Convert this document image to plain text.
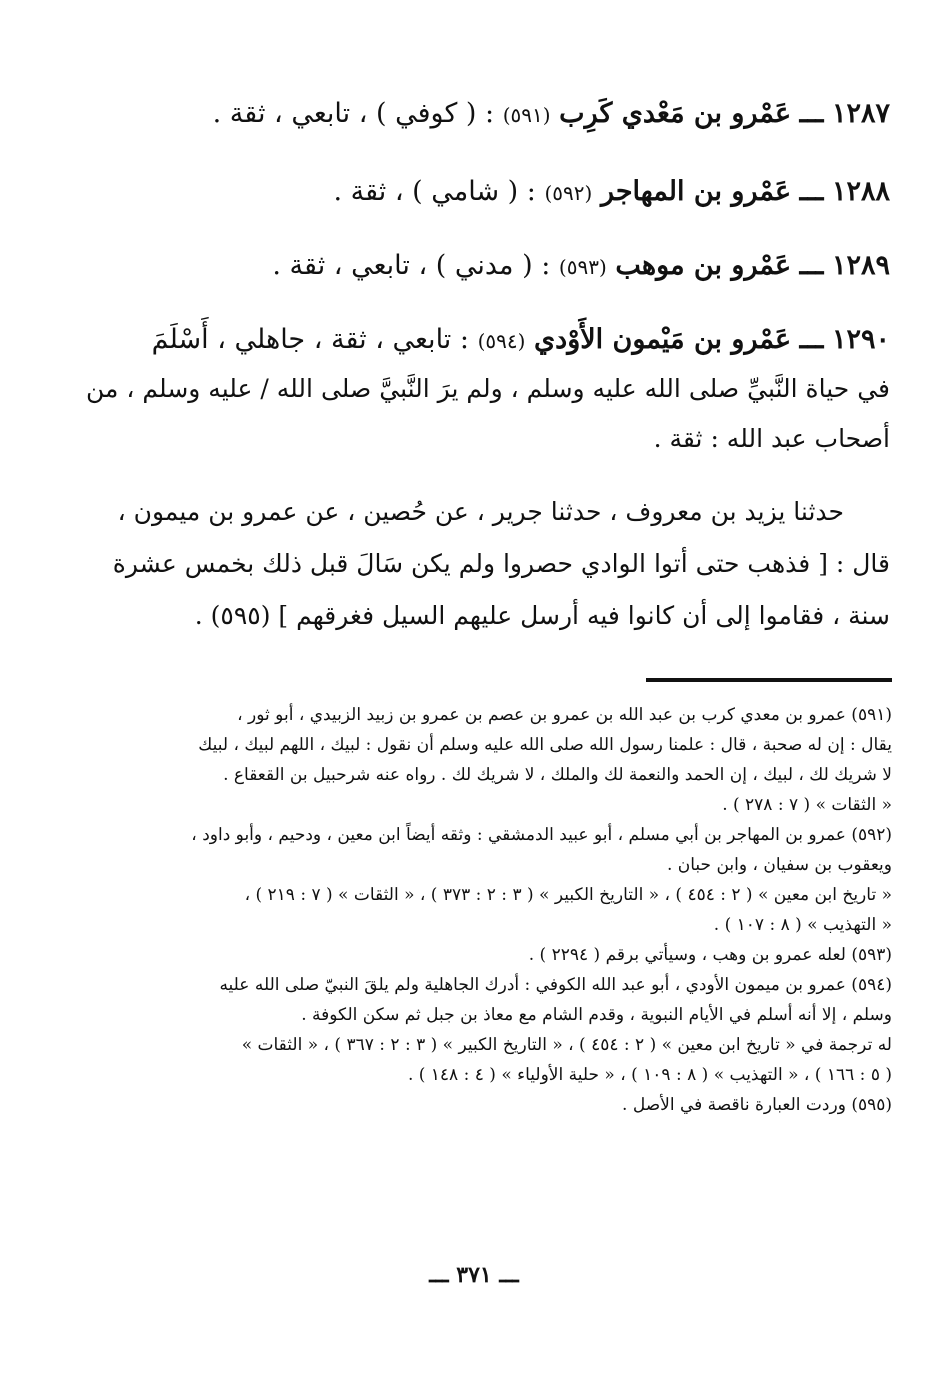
١٢٨٧ ـــ عَمْرو بن مَعْدي كَرِب (٥٩١) : ( كوفي ) ، تابعي ، ثقة .
١٢٨٨ ـــ عَمْرو بن المهاجر (٥٩٢) : ( شامي ) ، ثقة .
١٢٨٩ ـــ عَمْرو بن موهب (٥٩٣) : ( مدني ) ، تابعي ، ثقة .
١٢٩٠ ـــ عَمْرو بن مَيْمون الأَوْدي (٥٩٤) : تابعي ، ثقة ، جاهلي ، أَسْلَمَ

في حياة النَّبيِّ صلى الله عليه وسلم ، ولم يرَ النَّبيَّ صلى الله / عليه وسلم ، من

أصحاب عبد الله : ثقة .

حدثنا يزيد بن معروف ، حدثنا جرير ، عن حُصين ، عن عمرو بن ميمون ،

قال : [ فذهب حتى أتوا الوادي حصروا ولم يكن سَالَ قبل ذلك بخمس عشرة

سنة ، فقاموا إلى أن كانوا فيه أرسل عليهم السيل فغرقهم ] (٥٩٥) .

(٥٩١) عمرو بن معدي كرب بن عبد الله بن عمرو بن عصم بن عمرو بن زبيد الزبيدي ، أبو ثور ،
يقال : إن له صحبة ، قال : علمنا رسول الله صلى الله عليه وسلم أن نقول : لبيك ، اللهم لبيك ، لبيك
لا شريك لك ، لبيك ، إن الحمد والنعمة لك والملك ، لا شريك لك . رواه عنه شرحبيل بن القعقاع .
« الثقات » ( ٧ : ٢٧٨ ) .
(٥٩٢) عمرو بن المهاجر بن أبي مسلم ، أبو عبيد الدمشقي : وثقه أيضاً ابن معين ، ودحيم ، وأبو داود ،
ويعقوب بن سفيان ، وابن حبان .
« تاريخ ابن معين » ( ٢ : ٤٥٤ ) ، « التاريخ الكبير » ( ٣ : ٢ : ٣٧٣ ) ، « الثقات » ( ٧ : ٢١٩ ) ،
« التهذيب » ( ٨ : ١٠٧ ) .
(٥٩٣) لعله عمرو بن وهب ، وسيأتي برقم ( ٢٢٩٤ ) .
(٥٩٤) عمرو بن ميمون الأودي ، أبو عبد الله الكوفي : أدرك الجاهلية ولم يلقَ النبيّ صلى الله عليه
وسلم ، إلا أنه أسلم في الأيام النبوية ، وقدم الشام مع معاذ بن جبل ثم سكن الكوفة .
له ترجمة في « تاريخ ابن معين » ( ٢ : ٤٥٤ ) ، « التاريخ الكبير » ( ٣ : ٢ : ٣٦٧ ) ، « الثقات »
( ٥ : ١٦٦ ) ، « التهذيب » ( ٨ : ١٠٩ ) ، « حلية الأولياء » ( ٤ : ١٤٨ ) .
(٥٩٥) وردت العبارة ناقصة في الأصل .
ـــ ٣٧١ ـــ
